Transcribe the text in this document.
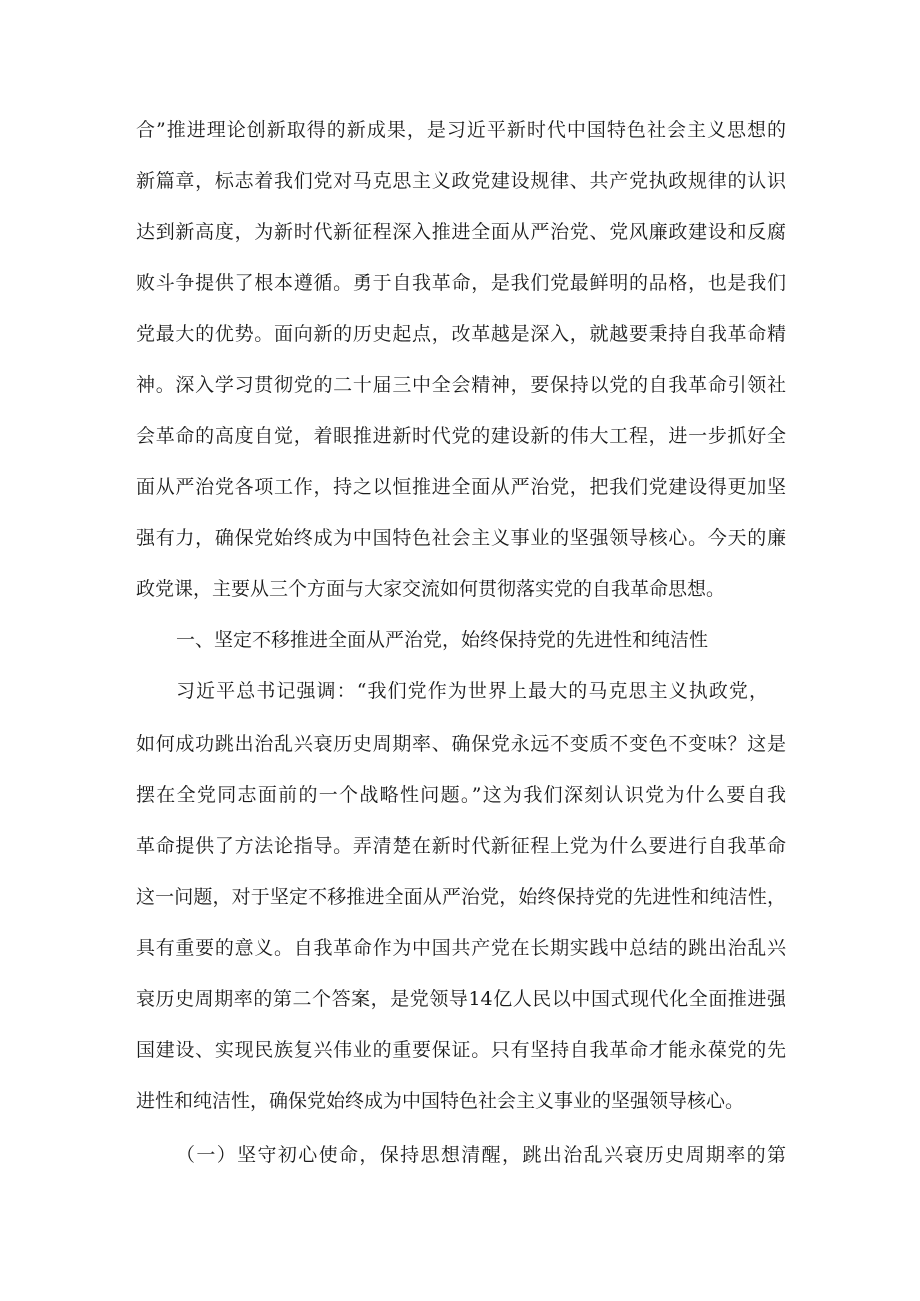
合”推进理论创新取得的新成果，是习近平新时代中国特色社会主义思想的
新篇章，标志着我们党对马克思主义政党建设规律、共产党执政规律的认识
达到新高度，为新时代新征程深入推进全面从严治党、党风廉政建设和反腐
败斗争提供了根本遵循。勇于自我革命，是我们党最鲜明的品格，也是我们
党最大的优势。面向新的历史起点，改革越是深入，就越要秉持自我革命精
神。深入学习贯彻党的二十届三中全会精神，要保持以党的自我革命引领社
会革命的高度自觉，着眼推进新时代党的建设新的伟大工程，进一步抓好全
面从严治党各项工作，持之以恒推进全面从严治党，把我们党建设得更加坚
强有力，确保党始终成为中国特色社会主义事业的坚强领导核心。今天的廉
政党课，主要从三个方面与大家交流如何贯彻落实党的自我革命思想。
一、坚定不移推进全面从严治党，始终保持党的先进性和纯洁性
习近平总书记强调：“我们党作为世界上最大的马克思主义执政党，
如何成功跳出治乱兴衰历史周期率、确保党永远不变质不变色不变味？这是
摆在全党同志面前的一个战略性问题。”这为我们深刻认识党为什么要自我
革命提供了方法论指导。弄清楚在新时代新征程上党为什么要进行自我革命
这一问题，对于坚定不移推进全面从严治党，始终保持党的先进性和纯洁性，
具有重要的意义。自我革命作为中国共产党在长期实践中总结的跳出治乱兴
衰历史周期率的第二个答案，是党领导14亿人民以中国式现代化全面推进强
国建设、实现民族复兴伟业的重要保证。只有坚持自我革命才能永葆党的先
进性和纯洁性，确保党始终成为中国特色社会主义事业的坚强领导核心。
（一）坚守初心使命，保持思想清醒，跳出治乱兴衰历史周期率的第
